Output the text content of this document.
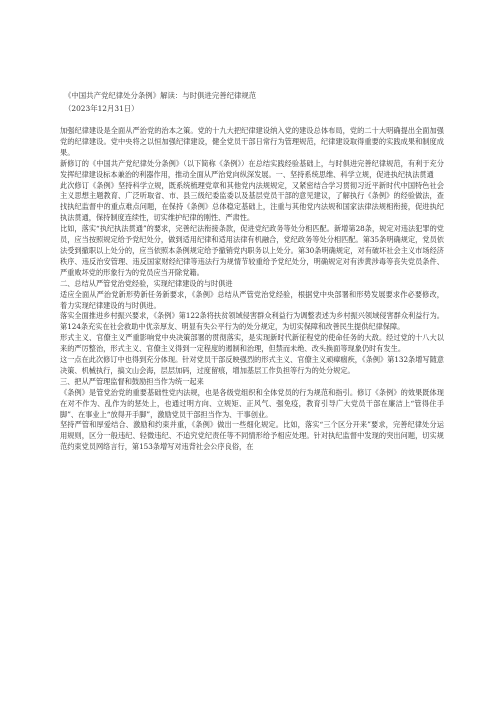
《中国共产党纪律处分条例》解读：与时俱进完善纪律规范
（2023年12月31日）

加强纪律建设是全面从严治党的治本之策。党的十九大把纪律建设纳入党的建设总体布局，党的二十大明确提出全面加强党的纪律建设。党中央将之以恒加强纪律建设，健全党员干部日常行为管理规范，纪律建设取得重要的实践成果和制度成果。

新修订的《中国共产党纪律处分条例》（以下简称《条例》）在总结实践经验基础上，与时俱进完善纪律规范，有利于充分发挥纪律建设标本兼治的利器作用，推动全面从严治党向纵深发展。一、坚持系统思维、科学立规，促进执纪执法贯通

此次修订《条例》坚持科学立规，既系统梳理党章和其他党内法规规定，又紧密结合学习贯彻习近平新时代中国特色社会主义思想主题教育、广泛听取省、市、县三级纪委监委以及基层党员干部的意见建议，了解执行《条例》的经验做法，查找执纪监督中的重点难点问题，在保持《条例》总体稳定基础上，注重与其他党内法规和国家法律法规相衔接，促进执纪执法贯通，保持制度连续性，切实维护纪律的刚性、严肃性。

比如，落实“执纪执法贯通”的要求，完善纪法衔接条款，促进党纪政务等处分相匹配。新增第28条，规定对违法犯罪的党员，应当按照规定给予党纪处分，做到适用纪律和适用法律有机融合，党纪政务等处分相匹配。第35条明确规定，党员依法受到撤职以上处分的，应当依照本条例规定给予撤销党内职务以上处分。第30条明确规定，对有破坏社会主义市场经济秩序、违反治安管理、违反国家财经纪律等违法行为规情节较重给予党纪处分，明确规定对有涉黄涉毒等丧失党员条件、严重败坏党的形象行为的党员应当开除党籍。

二、总结从严管党治党经验，实现纪律建设的与时俱进

适应全面从严治党新形势新任务新要求，《条例》总结从严管党治党经验，根据党中央部署和形势发展要求作必要修改，着力实现纪律建设的与时俱进。

落实全面推进乡村振兴要求，《条例》第122条将扶贫领域侵害群众利益行为调整表述为乡村振兴领域侵害群众利益行为。第124条充实在社会救助中优亲厚友、明显有失公平行为的处分规定，为切实保障和改善民生提供纪律保障。

形式主义、官僚主义严重影响党中央决策部署的贯彻落实，是实现新时代新征程党的使命任务的大敌。经过党的十八大以来的严厉整治，形式主义、官僚主义得到一定程度的遏制和治理，但禁而未绝、改头换面等现象仍时有发生。

这一点在此次修订中也得到充分体现。针对党员干部反映强烈的形式主义、官僚主义顽瘴痼疾，《条例》第132条增写随意决策、机械执行，搞文山会海，层层加码，过度留痕，增加基层工作负担等行为的处分规定。

三、把从严管理监督和鼓励担当作为统一起来

《条例》是管党治党的重要基础性党内法规，也是各级党组织和全体党员的行为规范和指引。修订《条例》的效果既体现在对不作为、乱作为的惩处上，也通过明方向、立规矩、正风气、强免疫，教育引导广大党员干部在廉洁上“管得住手脚”、在事业上“放得开手脚”，激励党员干部担当作为、干事创业。

坚持严管和厚爱结合、激励和约束并重，《条例》做出一些细化规定。比如，落实“三个区分开来”要求，完善纪律处分运用规则，区分一般违纪、轻微违纪、不追究党纪责任等不同情形给予相应处理。针对执纪监督中发现的突出问题，切实规范约束党员网络言行，第153条增写对违背社会公序良俗，在
